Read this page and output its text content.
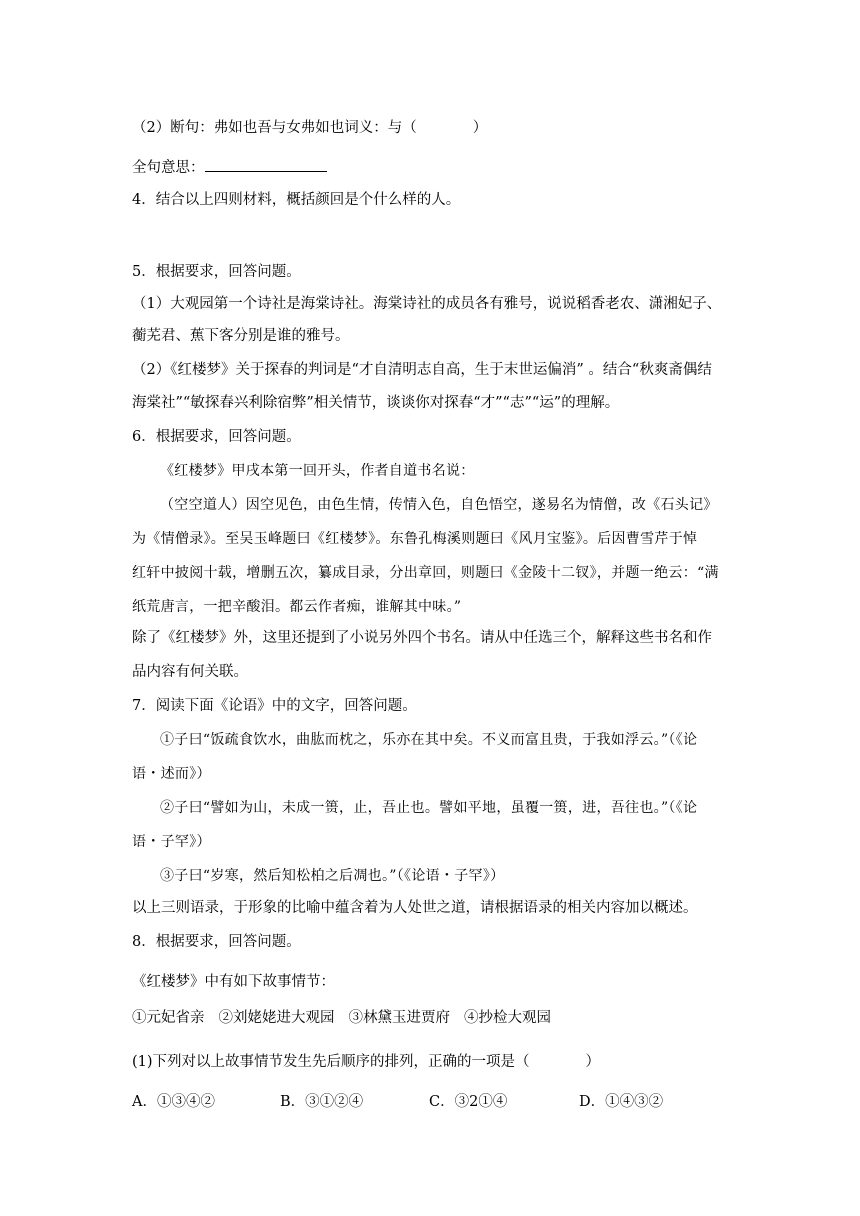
（2）断句：弗如也吾与女弗如也词义：与（	）
全句意思：
4．结合以上四则材料，概括颜回是个什么样的人。
5．根据要求，回答问题。
（1）大观园第一个诗社是海棠诗社。海棠诗社的成员各有雅号，说说稻香老农、潇湘妃子、
蘅芜君、蕉下客分别是谁的雅号。
（2）《红楼梦》关于探春的判词是“才自清明志自高，生于末世运偏消” 。结合“秋爽斋偶结
海棠社”“敏探春兴利除宿弊”相关情节，谈谈你对探春“才”“志”“运”的理解。
6．根据要求，回答问题。
《红楼梦》甲戌本第一回开头，作者自道书名说：
（空空道人）因空见色，由色生情，传情入色，自色悟空，遂易名为情僧，改《石头记》
为《情僧录》。至吴玉峰题曰《红楼梦》。东鲁孔梅溪则题曰《风月宝鉴》。后因曹雪芹于悼
红轩中披阅十载，增删五次，纂成目录，分出章回，则题曰《金陵十二钗》，并题一绝云：“满
纸荒唐言，一把辛酸泪。都云作者痴，谁解其中味。”
除了《红楼梦》外，这里还提到了小说另外四个书名。请从中任选三个，解释这些书名和作
品内容有何关联。
7．阅读下面《论语》中的文字，回答问题。
①子曰“饭疏食饮水，曲肱而枕之，乐亦在其中矣。不义而富且贵，于我如浮云。”（《论
语・述而》）
②子曰“譬如为山，未成一篑，止，吾止也。譬如平地，虽覆一篑，进，吾往也。”（《论
语・子罕》）
③子曰“岁寒，然后知松柏之后凋也。”（《论语・子罕》）
以上三则语录，于形象的比喻中蕴含着为人处世之道，请根据语录的相关内容加以概述。
8．根据要求，回答问题。
《红楼梦》中有如下故事情节：
①元妃省亲 ②刘姥姥进大观园 ③林黛玉进贾府 ④抄检大观园
(1)下列对以上故事情节发生先后顺序的排列，正确的一项是（	）
A．①③④②	B．③①②④	C．③2①④	D．①④③②
